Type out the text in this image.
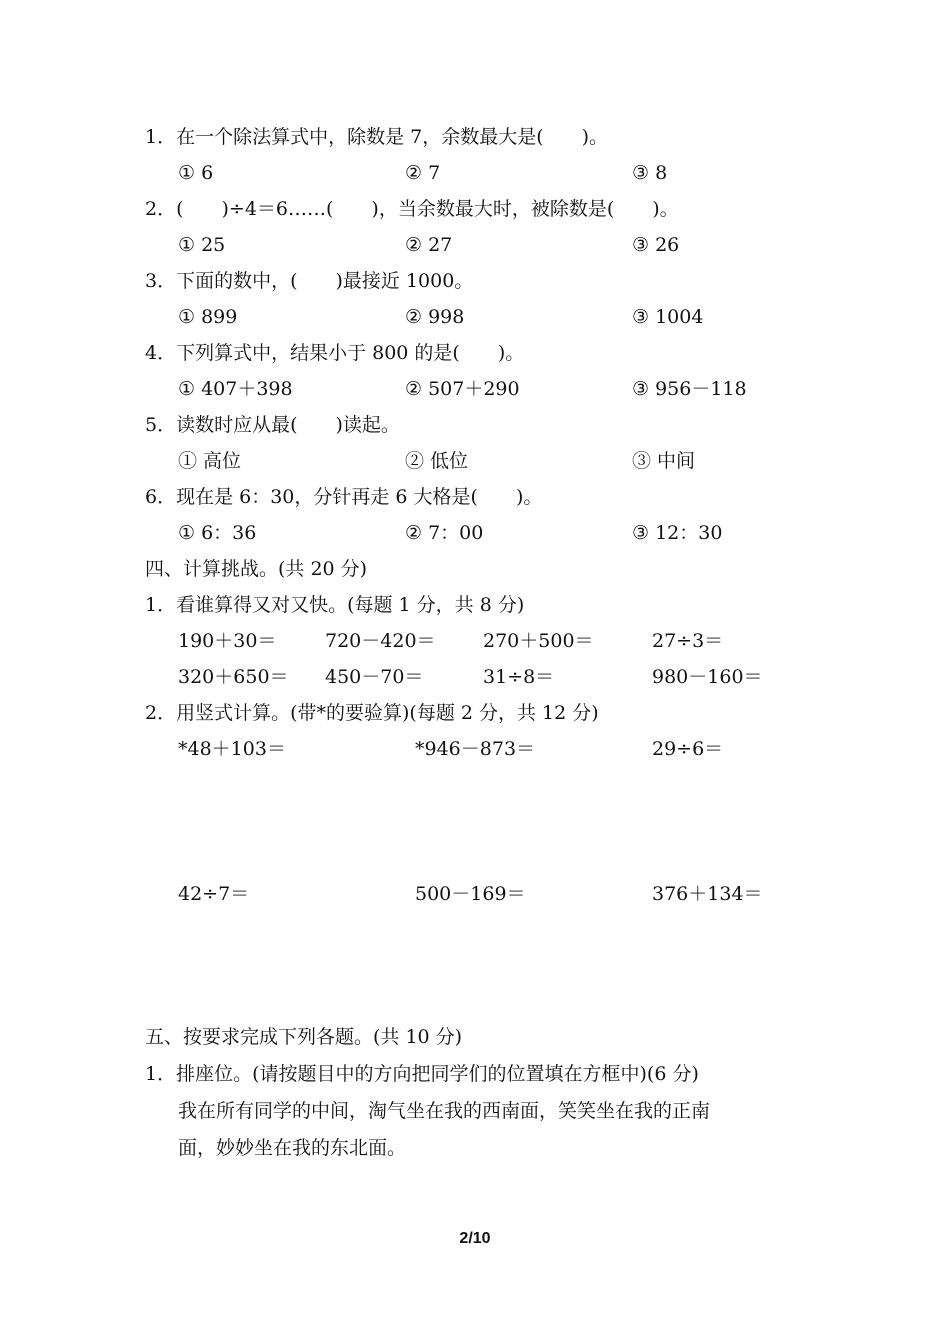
1．在一个除法算式中，除数是 7，余数最大是(　　)。
① 6	② 7	③ 8
2．(　　)÷4＝6……(　　)，当余数最大时，被除数是(　　)。
① 25	② 27	③ 26
3．下面的数中，(　　)最接近 1000。
① 899	② 998	③ 1004
4．下列算式中，结果小于 800 的是(　　)。
① 407＋398	② 507＋290	③ 956－118
5．读数时应从最(　　)读起。
① 高位	② 低位	③ 中间
6．现在是 6：30，分针再走 6 大格是(　　)。
① 6：36	② 7：00	③ 12：30
四、计算挑战。(共 20 分)
1．看谁算得又对又快。(每题 1 分，共 8 分)
190＋30＝	720－420＝ 270＋500＝	27÷3＝
320＋650＝ 450－70＝	31÷8＝	980－160＝
2．用竖式计算。(带*的要验算)(每题 2 分，共 12 分)
*48＋103＝	*946－873＝	29÷6＝
42÷7＝	500－169＝	376＋134＝
五、按要求完成下列各题。(共 10 分)
1．排座位。(请按题目中的方向把同学们的位置填在方框中)(6 分)
我在所有同学的中间，淘气坐在我的西南面，笑笑坐在我的正南
面，妙妙坐在我的东北面。
2/10
